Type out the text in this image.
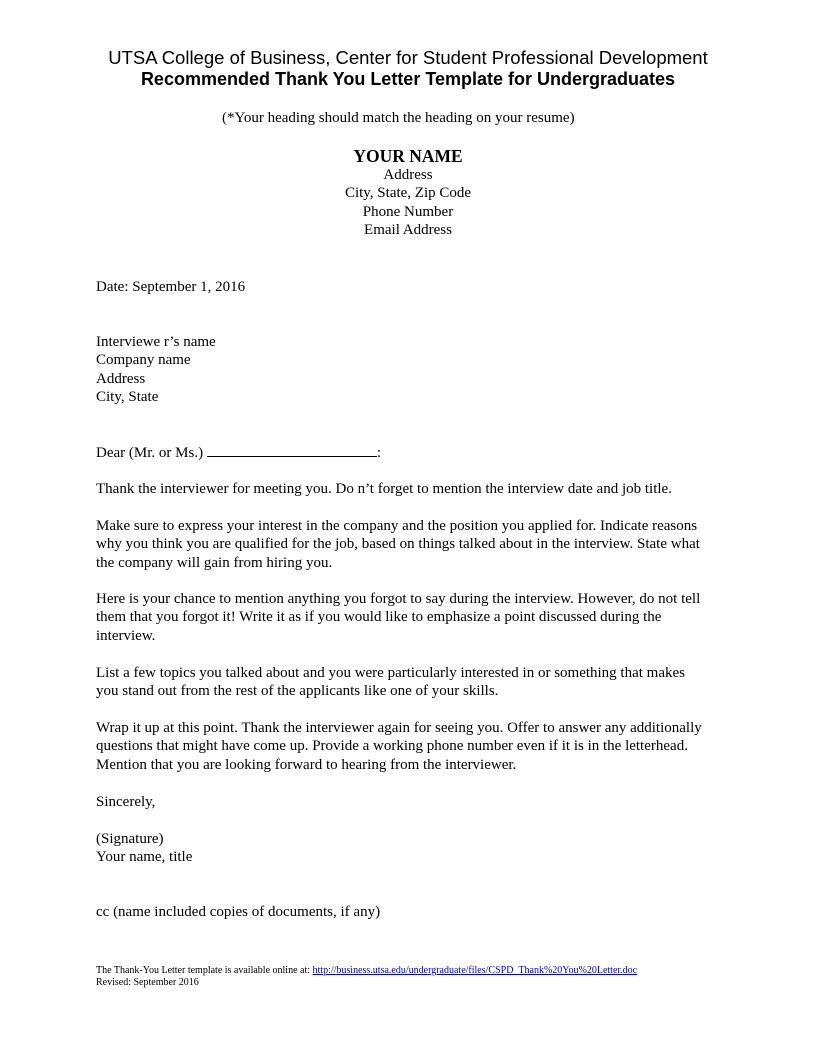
UTSA College of Business, Center for Student Professional Development
Recommended Thank You Letter Template for Undergraduates
(*Your heading should match the heading on your resume)
YOUR NAME
Address
City, State, Zip Code
Phone Number
Email Address
Date: September 1, 2016
Interviewe r’s name
Company name
Address
City, State
Dear (Mr. or Ms.)	:
Thank the interviewer for meeting you. Do n’t forget to mention the interview date and job title.
Make sure to express your interest in the company and the position you applied for. Indicate reasons why you think you are qualified for the job, based on things talked about in the interview. State what the company will gain from hiring you.
Here is your chance to mention anything you forgot to say during the interview. However, do not tell them that you forgot it! Write it as if you would like to emphasize a point discussed during the interview.
List a few topics you talked about and you were particularly interested in or something that makes you stand out from the rest of the applicants like one of your skills.
Wrap it up at this point. Thank the interviewer again for seeing you. Offer to answer any additionally questions that might have come up. Provide a working phone number even if it is in the letterhead. Mention that you are looking forward to hearing from the interviewer.
Sincerely,
(Signature)
Your name, title
cc (name included copies of documents, if any)
The Thank-You Letter template is available online at: http://business.utsa.edu/undergraduate/files/CSPD_Thank%20You%20Letter.doc
Revised: September 2016
